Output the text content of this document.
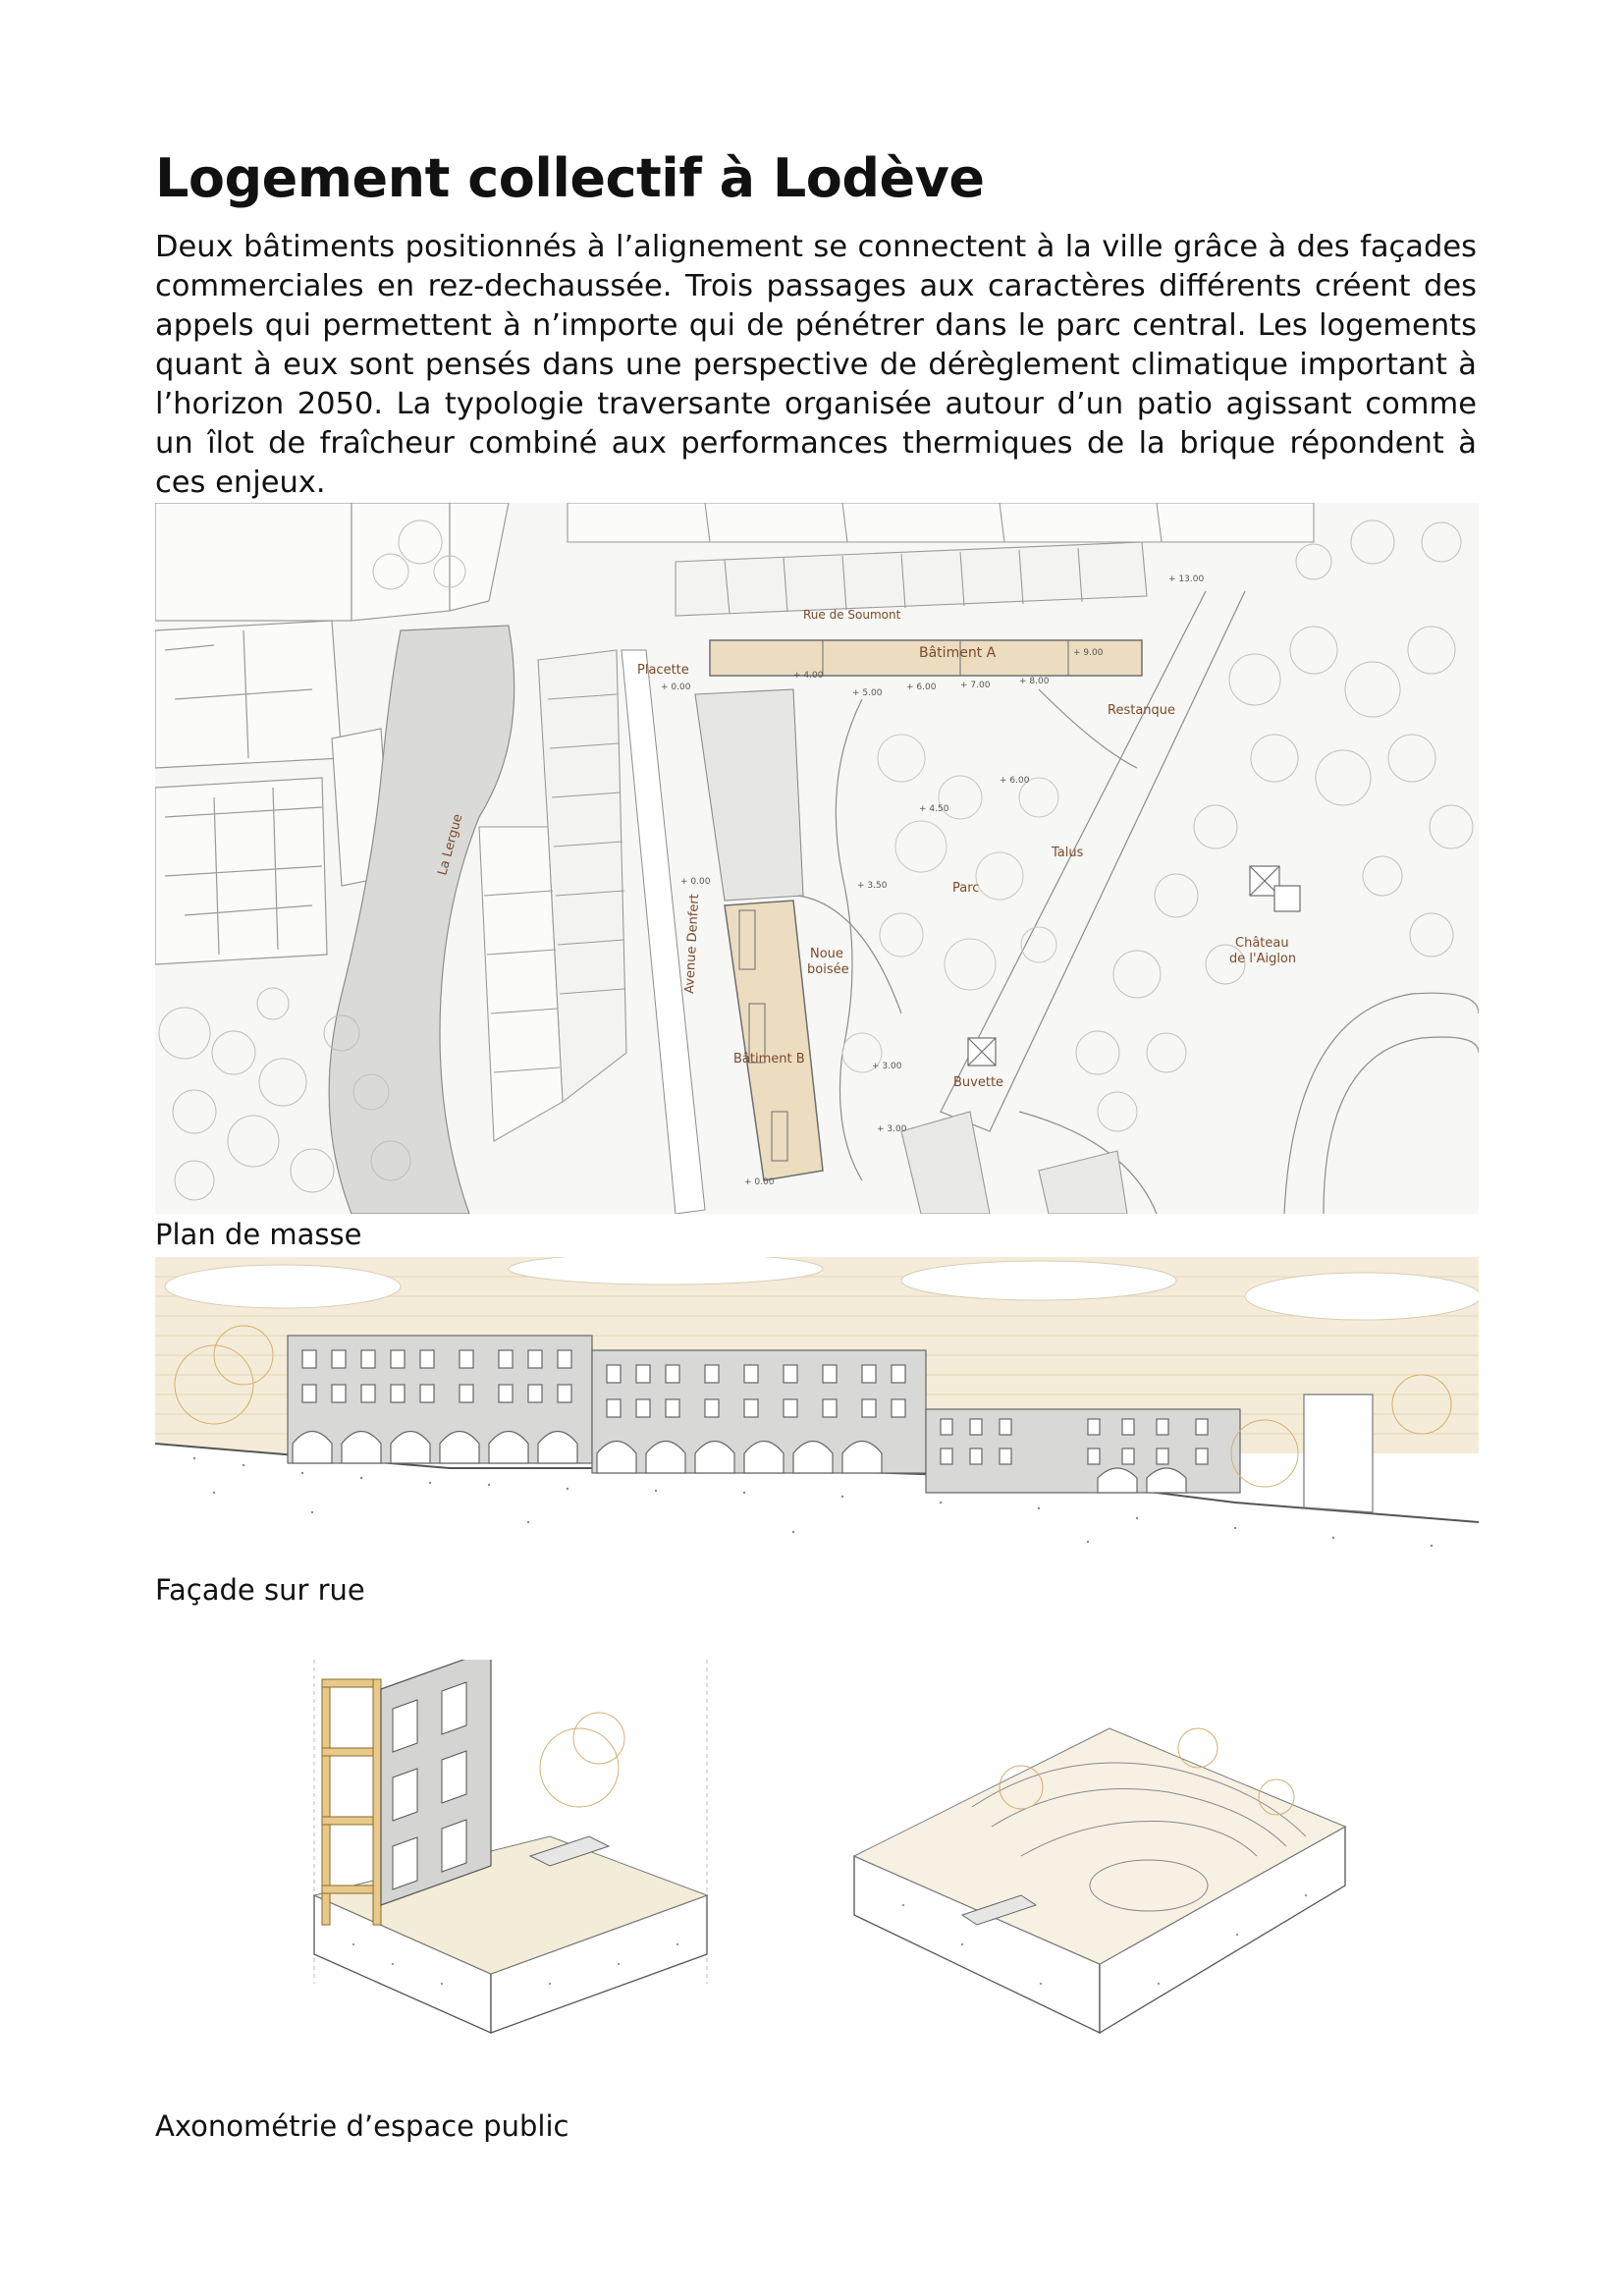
Logement collectif à Lodève

Deux bâtiments positionnés à l’alignement se connectent à la ville grâce à des façades commerciales en rez-dechaussée. Trois passages aux caractères différents créent des appels qui permettent à n’importe qui de pénétrer dans le parc central. Les logements quant à eux sont pensés dans une perspective de dérèglement climatique important à l’horizon 2050. La typologie traversante organisée autour d’un patio agissant comme un îlot de fraîcheur combiné aux performances thermiques de la brique répondent à ces enjeux.

Rue de Soumont
Bâtiment A
Placette
Restanque
Talus
Parc
Château
de l'Aiglon
Noue
boisée
Bâtiment B
Buvette
La Lergue
Avenue Denfert
+ 13.00
+ 9.00
+ 8.00
+ 7.00
+ 6.00
+ 6.00
+ 5.00
+ 4.00
+ 4.50
+ 3.50
+ 3.00
+ 3.00
+ 0.00
+ 0.00
+ 0.00

Plan de masse

Façade sur rue

Axonométrie d’espace public
